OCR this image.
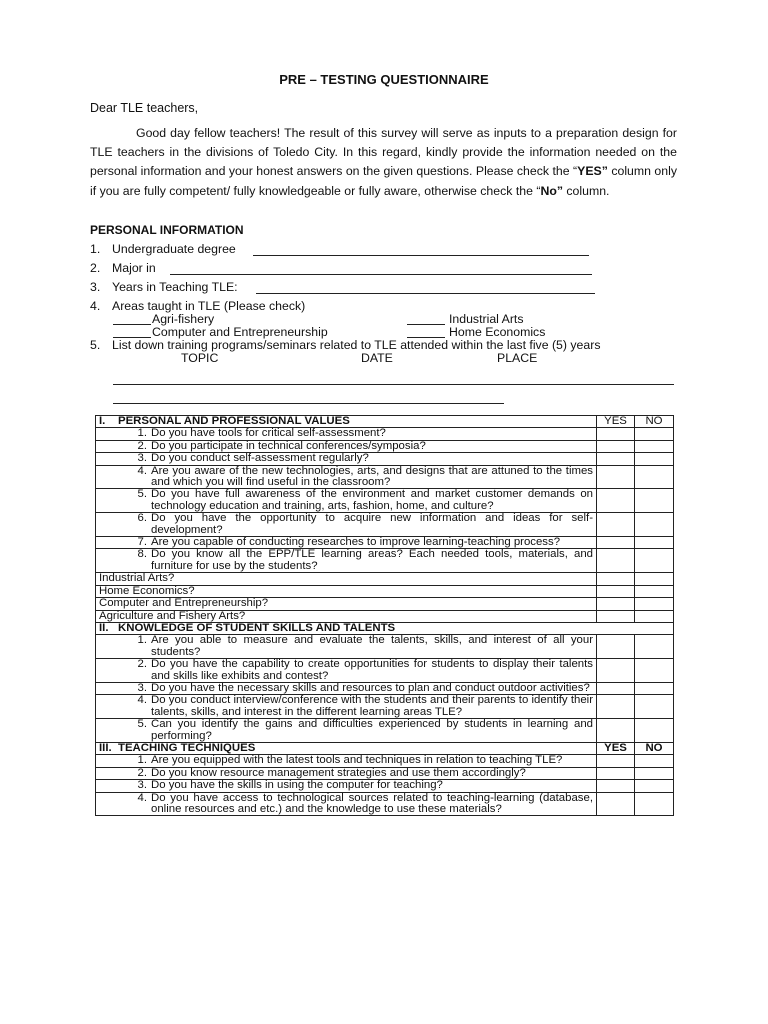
PRE – TESTING QUESTIONNAIRE
Dear TLE teachers,
Good day fellow teachers! The result of this survey will serve as inputs to a preparation design for TLE teachers in the divisions of Toledo City. In this regard, kindly provide the information needed on the personal information and your honest answers on the given questions. Please check the “YES” column only if you are fully competent/ fully knowledgeable or fully aware, otherwise check the “No” column.
PERSONAL INFORMATION
1. Undergraduate degree
2. Major in
3. Years in Teaching TLE:
4. Areas taught in TLE (Please check)
Agri-fishery	Industrial Arts
Computer and Entrepreneurship	Home Economics
5. List down training programs/seminars related to TLE attended within the last five (5) years
TOPIC	DATE	PLACE
I.    PERSONAL AND PROFESSIONAL VALUES	YES	NO

1. Do you have tools for critical self-assessment?		

2. Do you participate in technical conferences/symposia?		

3. Do you conduct self-assessment regularly?		

4. Are you aware of the new technologies, arts, and designs that are attuned to the times and which you will find useful in the classroom?		

5. Do you have full awareness of the environment and market customer demands on technology education and training, arts, fashion, home, and culture?		

6. Do you have the opportunity to acquire new information and ideas for self-development?		

7. Are you capable of conducting researches to improve learning-teaching process?		

8. Do you know all the EPP/TLE learning areas? Each needed tools, materials, and furniture for use by the students?		

Industrial Arts?		
Home Economics?		
Computer and Entrepreneurship?		
Agriculture and Fishery Arts?		
II.   KNOWLEDGE OF STUDENT SKILLS AND TALENTS		

1. Are you able to measure and evaluate the talents, skills, and interest of all your students?		

2. Do you have the capability to create opportunities for students to display their talents and skills like exhibits and contest?		

3. Do you have the necessary skills and resources to plan and conduct outdoor activities?		

4. Do you conduct interview/conference with the students and their parents to identify their talents, skills, and interest in the different learning areas TLE?		

5. Can you identify the gains and difficulties experienced by students in learning and performing?		

III.  TEACHING TECHNIQUES	YES	NO

1. Are you equipped with the latest tools and techniques in relation to teaching TLE?		

2. Do you know resource management strategies and use them accordingly?		

3. Do you have the skills in using the computer for teaching?		

4. Do you have access to technological sources related to teaching-learning (database, online resources and etc.) and the knowledge to use these materials?		
